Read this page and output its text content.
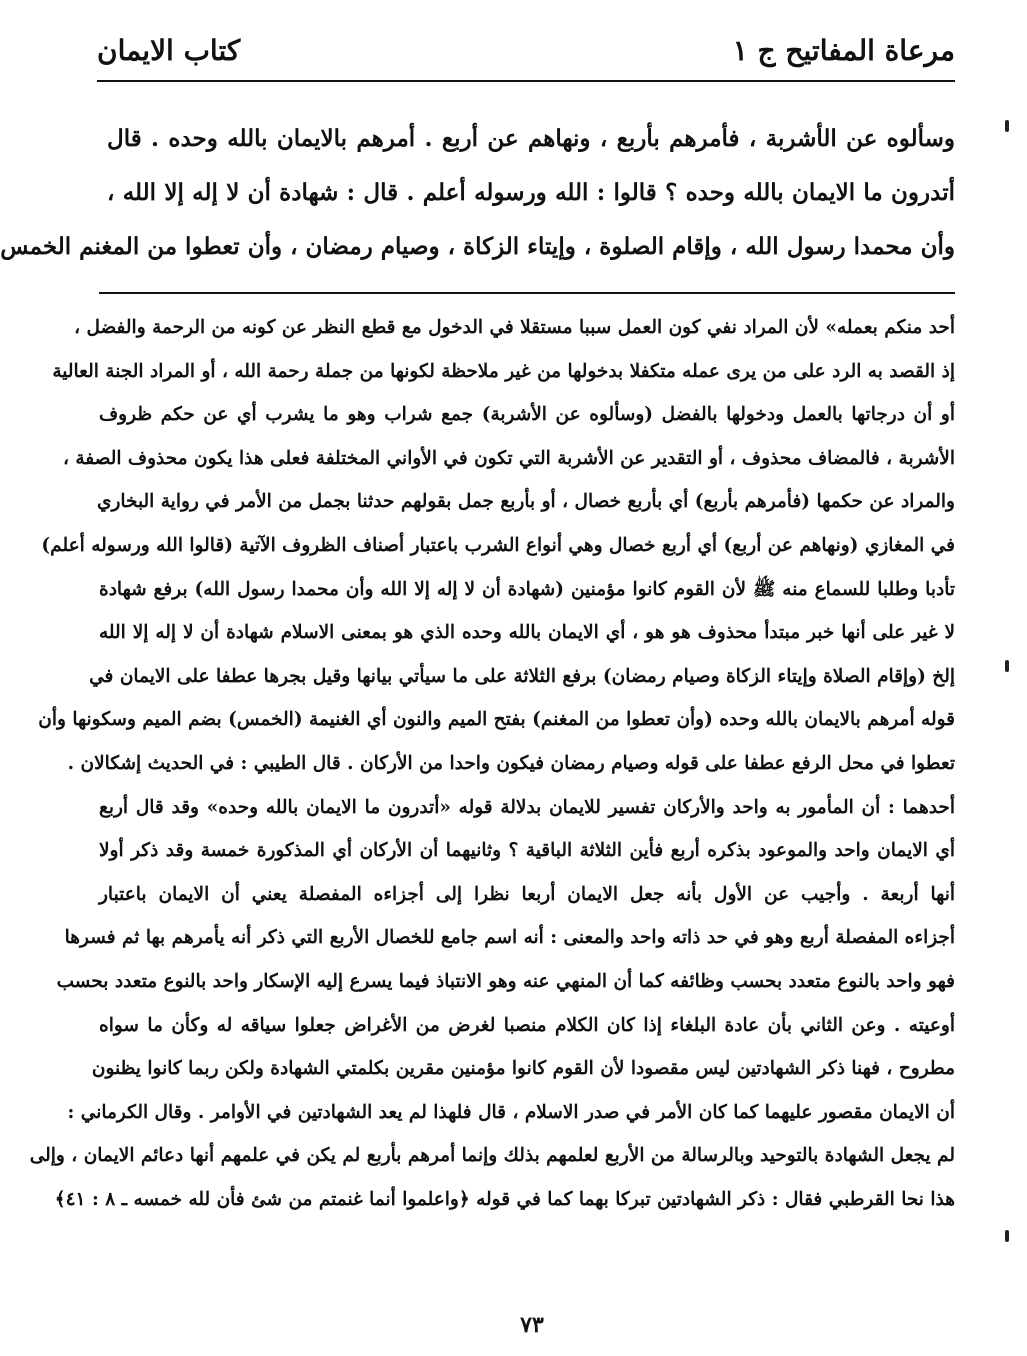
مرعاة المفاتيح ج ١
كتاب الايمان
وسألوه عن الأشربة ، فأمرهم بأربع ، ونهاهم عن أربع . أمرهم بالايمان بالله وحده . قال
أتدرون ما الايمان بالله وحده ؟ قالوا : الله ورسوله أعلم . قال : شهادة أن لا إله إلا الله ،
وأن محمدا رسول الله ، وإقام الصلوة ، وإيتاء الزكاة ، وصيام رمضان ، وأن تعطوا من المغنم الخمس
أحد منكم بعمله» لأن المراد نفي كون العمل سببا مستقلا في الدخول مع قطع النظر عن كونه من الرحمة والفضل ،
إذ القصد به الرد على من يرى عمله متكفلا بدخولها من غير ملاحظة لكونها من جملة رحمة الله ، أو المراد الجنة العالية
أو أن درجاتها بالعمل ودخولها بالفضل (وسألوه عن الأشربة) جمع شراب وهو ما يشرب أي عن حكم ظروف
الأشربة ، فالمضاف محذوف ، أو التقدير عن الأشربة التي تكون في الأواني المختلفة فعلى هذا يكون محذوف الصفة ،
والمراد عن حكمها (فأمرهم بأربع) أي بأربع خصال ، أو بأربع جمل بقولهم حدثنا بجمل من الأمر في رواية البخاري
في المغازي (ونهاهم عن أربع) أي أربع خصال وهي أنواع الشرب باعتبار أصناف الظروف الآتية (قالوا الله ورسوله أعلم)
تأدبا وطلبا للسماع منه ﷺ لأن القوم كانوا مؤمنين (شهادة أن لا إله إلا الله وأن محمدا رسول الله) برفع شهادة
لا غير على أنها خبر مبتدأ محذوف هو هو ، أي الايمان بالله وحده الذي هو بمعنى الاسلام شهادة أن لا إله إلا الله
إلخ (وإقام الصلاة وإيتاء الزكاة وصيام رمضان) برفع الثلاثة على ما سيأتي بيانها وقيل بجرها عطفا على الايمان في
قوله أمرهم بالايمان بالله وحده (وأن تعطوا من المغنم) بفتح الميم والنون أي الغنيمة (الخمس) بضم الميم وسكونها وأن
تعطوا في محل الرفع عطفا على قوله وصيام رمضان فيكون واحدا من الأركان . قال الطيبي : في الحديث إشكالان .
أحدهما : أن المأمور به واحد والأركان تفسير للايمان بدلالة قوله «أتدرون ما الايمان بالله وحده» وقد قال أربع
أي الايمان واحد والموعود بذكره أربع فأين الثلاثة الباقية ؟ وثانيهما أن الأركان أي المذكورة خمسة وقد ذكر أولا
أنها أربعة . وأجيب عن الأول بأنه جعل الايمان أربعا نظرا إلى أجزاءه المفصلة يعني أن الايمان باعتبار
أجزاءه المفصلة أربع وهو في حد ذاته واحد والمعنى : أنه اسم جامع للخصال الأربع التي ذكر أنه يأمرهم بها ثم فسرها
فهو واحد بالنوع متعدد بحسب وظائفه كما أن المنهي عنه وهو الانتباذ فيما يسرع إليه الإسكار واحد بالنوع متعدد بحسب
أوعيته . وعن الثاني بأن عادة البلغاء إذا كان الكلام منصبا لغرض من الأغراض جعلوا سياقه له وكأن ما سواه
مطروح ، فهنا ذكر الشهادتين ليس مقصودا لأن القوم كانوا مؤمنين مقرين بكلمتي الشهادة ولكن ربما كانوا يظنون
أن الايمان مقصور عليهما كما كان الأمر في صدر الاسلام ، قال فلهذا لم يعد الشهادتين في الأوامر . وقال الكرماني :
لم يجعل الشهادة بالتوحيد وبالرسالة من الأربع لعلمهم بذلك وإنما أمرهم بأربع لم يكن في علمهم أنها دعائم الايمان ، وإلى
هذا نحا القرطبي فقال : ذكر الشهادتين تبركا بهما كما في قوله ﴿واعلموا أنما غنمتم من شئ فأن لله خمسه ـ ٨ : ٤١﴾
٧٣
